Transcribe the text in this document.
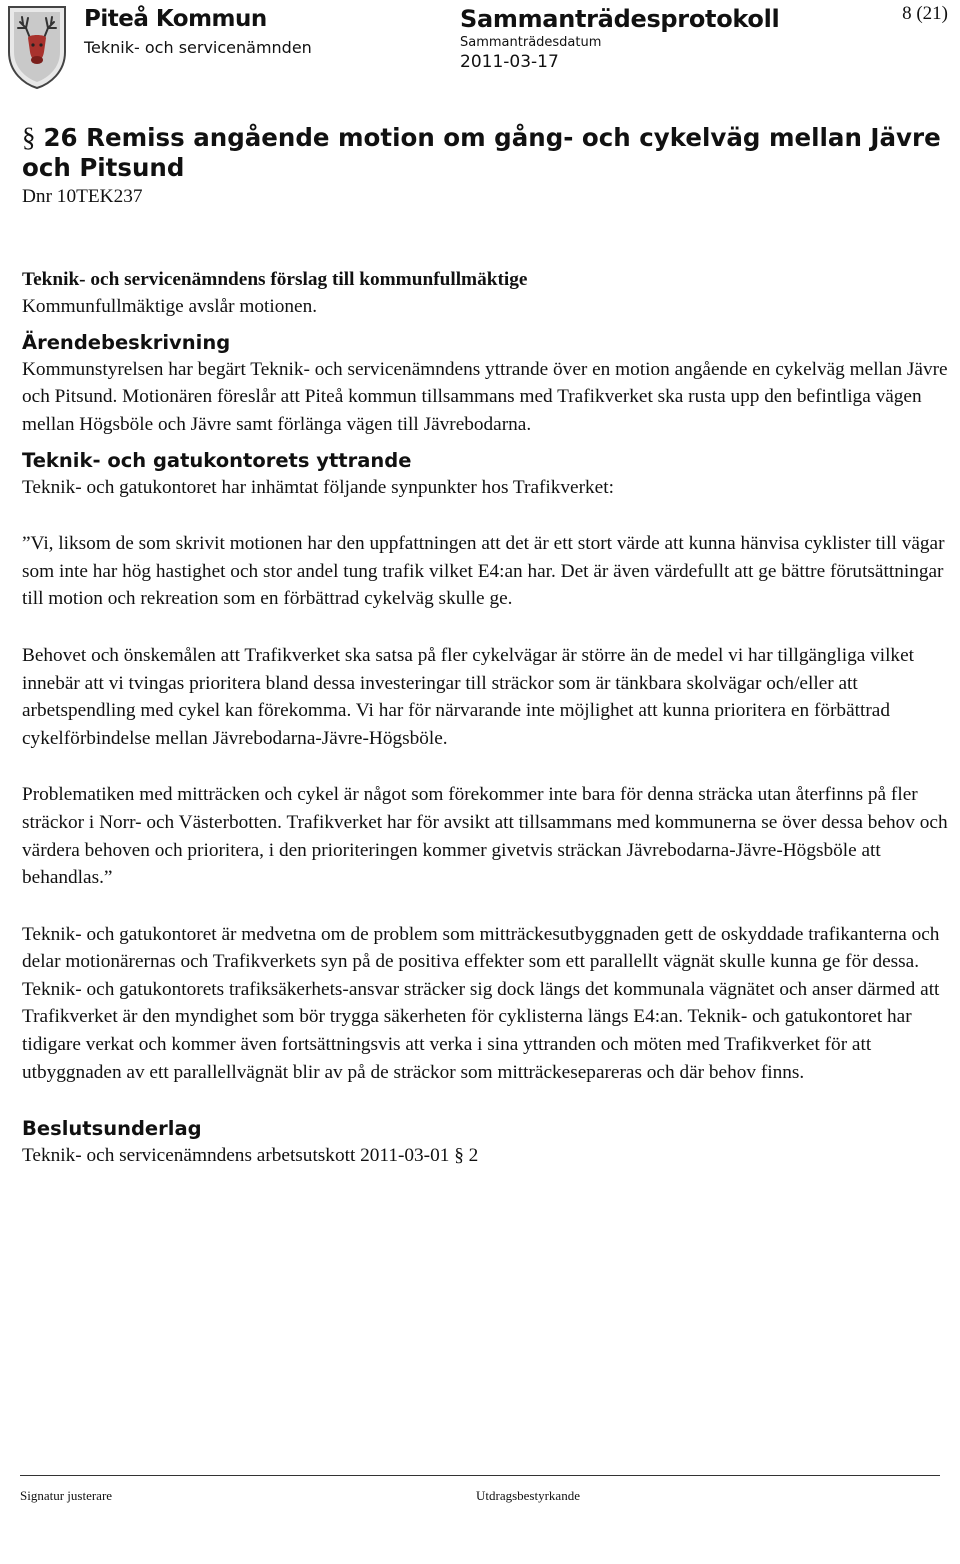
Piteå Kommun
Teknik- och servicenämnden
Sammanträdesprotokoll
Sammanträdesdatum
2011-03-17
8 (21)
§ 26 Remiss angående motion om gång- och cykelväg mellan Jävre och Pitsund

Dnr 10TEK237

Teknik- och servicenämndens förslag till kommunfullmäktige

Kommunfullmäktige avslår motionen.

Ärendebeskrivning

Kommunstyrelsen har begärt Teknik- och servicenämndens yttrande över en motion angående en cykelväg mellan Jävre och Pitsund. Motionären föreslår att Piteå kommun tillsammans med Trafikverket ska rusta upp den befintliga vägen mellan Högsböle och Jävre samt förlänga vägen till Jävrebodarna.

Teknik- och gatukontorets yttrande

Teknik- och gatukontoret har inhämtat följande synpunkter hos Trafikverket:

”Vi, liksom de som skrivit motionen har den uppfattningen att det är ett stort värde att kunna hänvisa cyklister till vägar som inte har hög hastighet och stor andel tung trafik vilket E4:an har. Det är även värdefullt att ge bättre förutsättningar till motion och rekreation som en förbättrad cykelväg skulle ge.

Behovet och önskemålen att Trafikverket ska satsa på fler cykelvägar är större än de medel vi har tillgängliga vilket innebär att vi tvingas prioritera bland dessa investeringar till sträckor som är tänkbara skolvägar och/eller att arbetspendling med cykel kan förekomma. Vi har för närvarande inte möjlighet att kunna prioritera en förbättrad cykelförbindelse mellan Jävrebodarna-Jävre-Högsböle.

Problematiken med mitträcken och cykel är något som förekommer inte bara för denna sträcka utan återfinns på fler sträckor i Norr- och Västerbotten. Trafikverket har för avsikt att tillsammans med kommunerna se över dessa behov och värdera behoven och prioritera, i den prioriteringen kommer givetvis sträckan Jävrebodarna-Jävre-Högsböle att behandlas.”

Teknik- och gatukontoret är medvetna om de problem som mitträckesutbyggnaden gett de oskyddade trafikanterna och delar motionärernas och Trafikverkets syn på de positiva effekter som ett parallellt vägnät skulle kunna ge för dessa. Teknik- och gatukontorets trafiksäkerhets-ansvar sträcker sig dock längs det kommunala vägnätet och anser därmed att Trafikverket är den myndighet som bör trygga säkerheten för cyklisterna längs E4:an. Teknik- och gatukontoret har tidigare verkat och kommer även fortsättningsvis att verka i sina yttranden och möten med Trafikverket för att utbyggnaden av ett parallellvägnät blir av på de sträckor som mitträckesepareras och där behov finns.

Beslutsunderlag

Teknik- och servicenämndens arbetsutskott 2011-03-01 § 2

Signatur justerare	Utdragsbestyrkande
